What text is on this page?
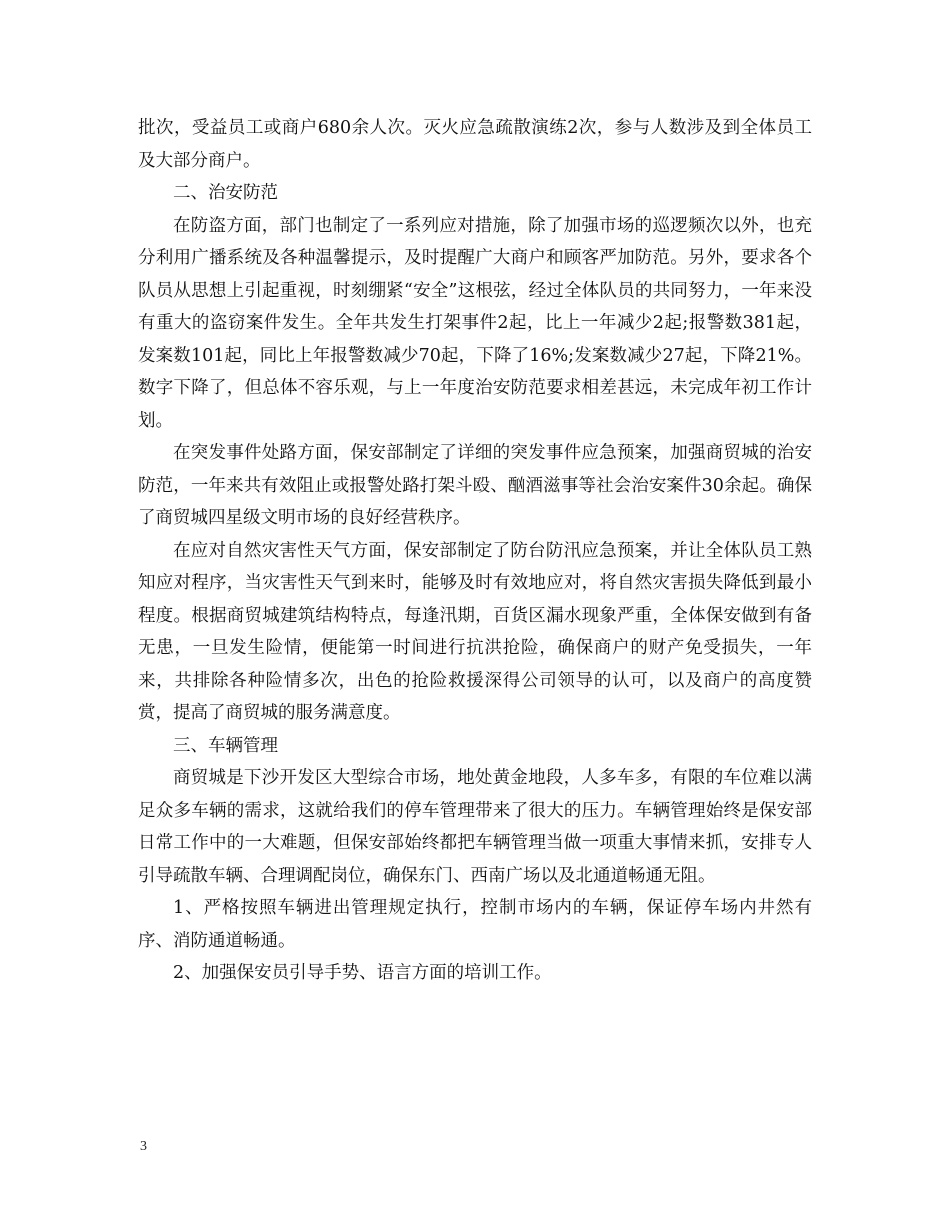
批次，受益员工或商户680余人次。灭火应急疏散演练2次，参与人数涉及到全体员工及大部分商户。

二、治安防范

在防盗方面，部门也制定了一系列应对措施，除了加强市场的巡逻频次以外，也充分利用广播系统及各种温馨提示，及时提醒广大商户和顾客严加防范。另外，要求各个队员从思想上引起重视，时刻绷紧“安全”这根弦，经过全体队员的共同努力，一年来没有重大的盗窃案件发生。全年共发生打架事件2起，比上一年减少2起;报警数381起，发案数101起，同比上年报警数减少70起，下降了16%;发案数减少27起，下降21%。数字下降了，但总体不容乐观，与上一年度治安防范要求相差甚远，未完成年初工作计划。

在突发事件处路方面，保安部制定了详细的突发事件应急预案，加强商贸城的治安防范，一年来共有效阻止或报警处路打架斗殴、酗酒滋事等社会治安案件30余起。确保了商贸城四星级文明市场的良好经营秩序。

在应对自然灾害性天气方面，保安部制定了防台防汛应急预案，并让全体队员工熟知应对程序，当灾害性天气到来时，能够及时有效地应对，将自然灾害损失降低到最小程度。根据商贸城建筑结构特点，每逢汛期，百货区漏水现象严重，全体保安做到有备无患，一旦发生险情，便能第一时间进行抗洪抢险，确保商户的财产免受损失，一年来，共排除各种险情多次，出色的抢险救援深得公司领导的认可，以及商户的高度赞赏，提高了商贸城的服务满意度。

三、车辆管理

商贸城是下沙开发区大型综合市场，地处黄金地段，人多车多，有限的车位难以满足众多车辆的需求，这就给我们的停车管理带来了很大的压力。车辆管理始终是保安部日常工作中的一大难题，但保安部始终都把车辆管理当做一项重大事情来抓，安排专人引导疏散车辆、合理调配岗位，确保东门、西南广场以及北通道畅通无阻。

1、严格按照车辆进出管理规定执行，控制市场内的车辆，保证停车场内井然有序、消防通道畅通。

2、加强保安员引导手势、语言方面的培训工作。

3
